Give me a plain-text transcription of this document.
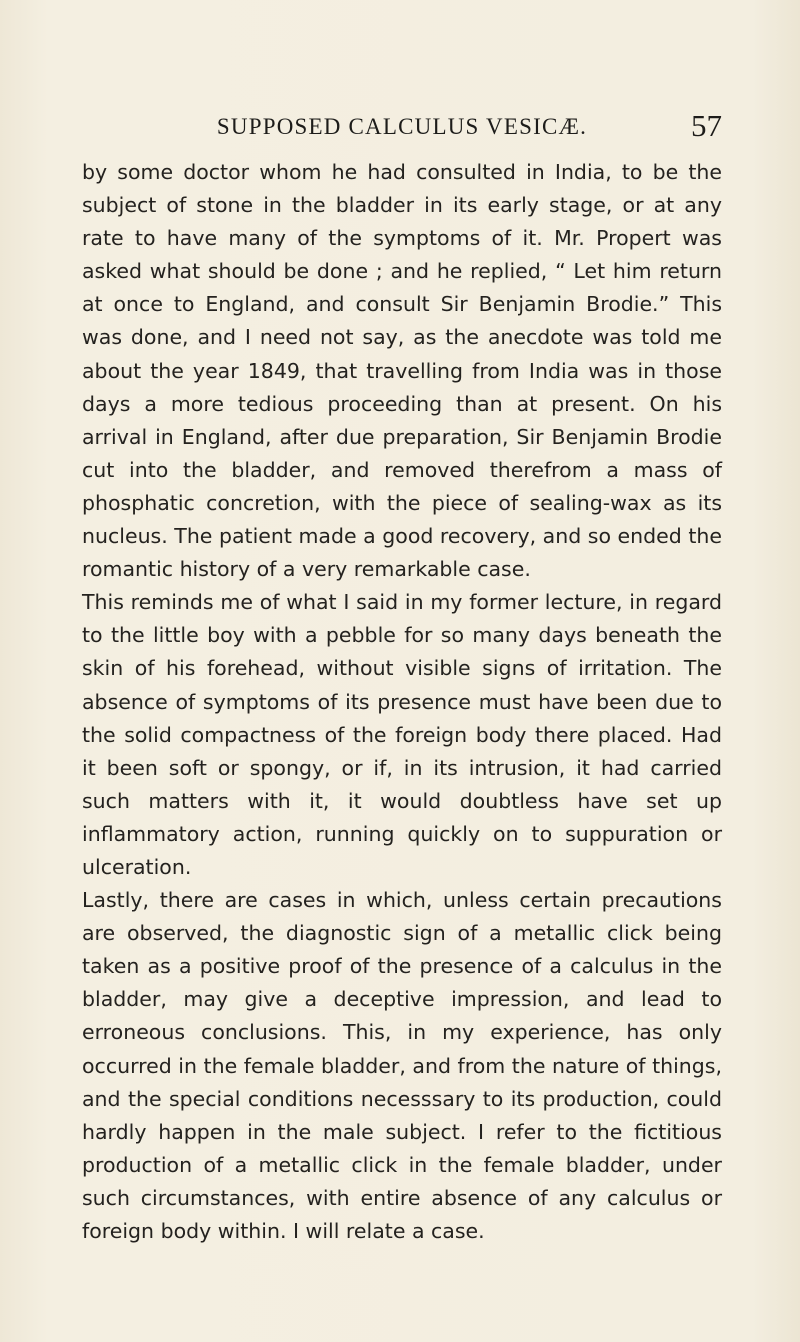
SUPPOSED CALCULUS VESICÆ.	57

by some doctor whom he had consulted in India, to be the subject of stone in the bladder in its early stage, or at any rate to have many of the symptoms of it. Mr. Propert was asked what should be done ; and he replied, “ Let him return at once to England, and consult Sir Benjamin Brodie.” This was done, and I need not say, as the anecdote was told me about the year 1849, that travelling from India was in those days a more tedious proceeding than at present. On his arrival in England, after due preparation, Sir Benjamin Brodie cut into the bladder, and removed therefrom a mass of phosphatic concretion, with the piece of sealing-wax as its nucleus. The patient made a good recovery, and so ended the romantic history of a very remarkable case.

This reminds me of what I said in my former lecture, in regard to the little boy with a pebble for so many days beneath the skin of his forehead, without visible signs of irritation. The absence of symptoms of its presence must have been due to the solid compactness of the foreign body there placed. Had it been soft or spongy, or if, in its intrusion, it had carried such matters with it, it would doubtless have set up inflammatory action, running quickly on to suppuration or ulceration.

Lastly, there are cases in which, unless certain precautions are observed, the diagnostic sign of a metallic click being taken as a positive proof of the presence of a calculus in the bladder, may give a deceptive impression, and lead to erroneous conclusions. This, in my experience, has only occurred in the female bladder, and from the nature of things, and the special conditions necesssary to its production, could hardly happen in the male subject. I refer to the fictitious production of a metallic click in the female bladder, under such circumstances, with entire absence of any calculus or foreign body within. I will relate a case.
